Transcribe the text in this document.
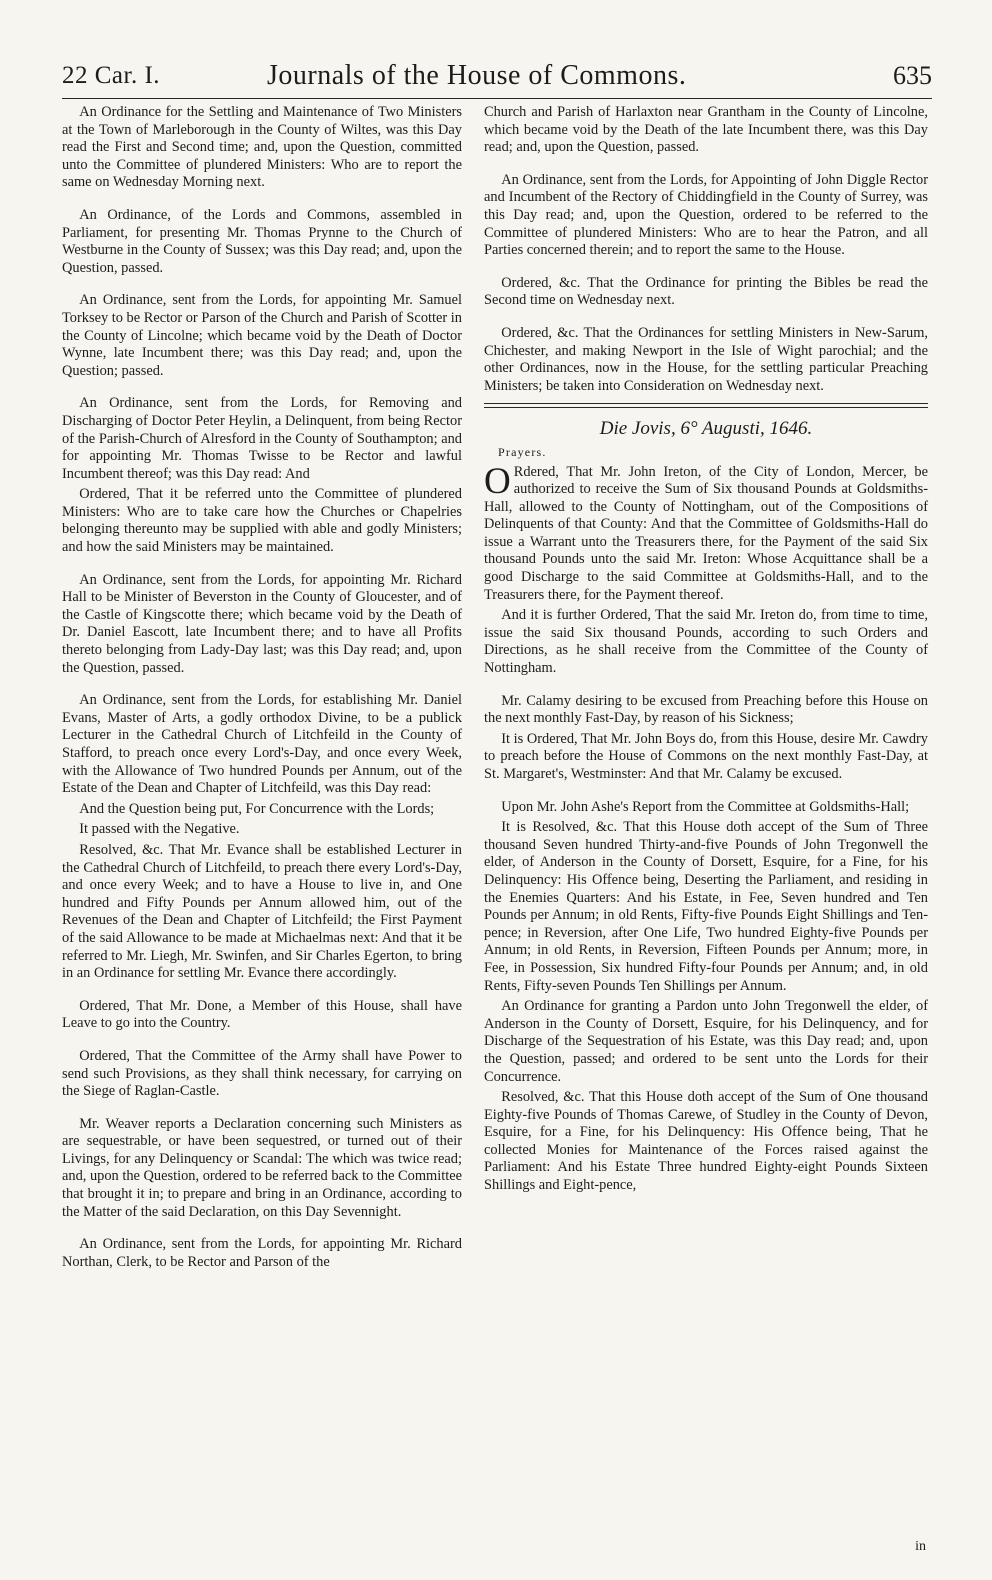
22 Car. I.	Journals of the House of Commons.	635

An Ordinance for the Settling and Maintenance of Two Ministers at the Town of Marleborough in the County of Wiltes, was this Day read the First and Second time; and, upon the Question, committed unto the Committee of plundered Ministers: Who are to report the same on Wednesday Morning next.

An Ordinance, of the Lords and Commons, assembled in Parliament, for presenting Mr. Thomas Prynne to the Church of Westburne in the County of Sussex; was this Day read; and, upon the Question, passed.

An Ordinance, sent from the Lords, for appointing Mr. Samuel Torksey to be Rector or Parson of the Church and Parish of Scotter in the County of Lincolne; which became void by the Death of Doctor Wynne, late Incumbent there; was this Day read; and, upon the Question; passed.

An Ordinance, sent from the Lords, for Removing and Discharging of Doctor Peter Heylin, a Delinquent, from being Rector of the Parish-Church of Alresford in the County of Southampton; and for appointing Mr. Thomas Twisse to be Rector and lawful Incumbent thereof; was this Day read: And

Ordered, That it be referred unto the Committee of plundered Ministers: Who are to take care how the Churches or Chapelries belonging thereunto may be supplied with able and godly Ministers; and how the said Ministers may be maintained.

An Ordinance, sent from the Lords, for appointing Mr. Richard Hall to be Minister of Beverston in the County of Gloucester, and of the Castle of Kingscotte there; which became void by the Death of Dr. Daniel Eascott, late Incumbent there; and to have all Profits thereto belonging from Lady-Day last; was this Day read; and, upon the Question, passed.

An Ordinance, sent from the Lords, for establishing Mr. Daniel Evans, Master of Arts, a godly orthodox Divine, to be a publick Lecturer in the Cathedral Church of Litchfeild in the County of Stafford, to preach once every Lord's-Day, and once every Week, with the Allowance of Two hundred Pounds per Annum, out of the Estate of the Dean and Chapter of Litchfeild, was this Day read:

And the Question being put, For Concurrence with the Lords;

It passed with the Negative.

Resolved, &c. That Mr. Evance shall be established Lecturer in the Cathedral Church of Litchfeild, to preach there every Lord's-Day, and once every Week; and to have a House to live in, and One hundred and Fifty Pounds per Annum allowed him, out of the Revenues of the Dean and Chapter of Litchfeild; the First Payment of the said Allowance to be made at Michaelmas next: And that it be referred to Mr. Liegh, Mr. Swinfen, and Sir Charles Egerton, to bring in an Ordinance for settling Mr. Evance there accordingly.

Ordered, That Mr. Done, a Member of this House, shall have Leave to go into the Country.

Ordered, That the Committee of the Army shall have Power to send such Provisions, as they shall think necessary, for carrying on the Siege of Raglan-Castle.

Mr. Weaver reports a Declaration concerning such Ministers as are sequestrable, or have been sequestred, or turned out of their Livings, for any Delinquency or Scandal: The which was twice read; and, upon the Question, ordered to be referred back to the Committee that brought it in; to prepare and bring in an Ordinance, according to the Matter of the said Declaration, on this Day Sevennight.

An Ordinance, sent from the Lords, for appointing Mr. Richard Northan, Clerk, to be Rector and Parson of the

Church and Parish of Harlaxton near Grantham in the County of Lincolne, which became void by the Death of the late Incumbent there, was this Day read; and, upon the Question, passed.

An Ordinance, sent from the Lords, for Appointing of John Diggle Rector and Incumbent of the Rectory of Chiddingfield in the County of Surrey, was this Day read; and, upon the Question, ordered to be referred to the Committee of plundered Ministers: Who are to hear the Patron, and all Parties concerned therein; and to report the same to the House.

Ordered, &c. That the Ordinance for printing the Bibles be read the Second time on Wednesday next.

Ordered, &c. That the Ordinances for settling Ministers in New-Sarum, Chichester, and making Newport in the Isle of Wight parochial; and the other Ordinances, now in the House, for the settling particular Preaching Ministers; be taken into Consideration on Wednesday next.

Die Jovis, 6° Augusti, 1646.
Prayers.

O Rdered, That Mr. John Ireton, of the City of London, Mercer, be authorized to receive the Sum of Six thousand Pounds at Goldsmiths-Hall, allowed to the County of Nottingham, out of the Compositions of Delinquents of that County: And that the Committee of Goldsmiths-Hall do issue a Warrant unto the Treasurers there, for the Payment of the said Six thousand Pounds unto the said Mr. Ireton: Whose Acquittance shall be a good Discharge to the said Committee at Goldsmiths-Hall, and to the Treasurers there, for the Payment thereof.

And it is further Ordered, That the said Mr. Ireton do, from time to time, issue the said Six thousand Pounds, according to such Orders and Directions, as he shall receive from the Committee of the County of Nottingham.

Mr. Calamy desiring to be excused from Preaching before this House on the next monthly Fast-Day, by reason of his Sickness;

It is Ordered, That Mr. John Boys do, from this House, desire Mr. Cawdry to preach before the House of Commons on the next monthly Fast-Day, at St. Margaret's, Westminster: And that Mr. Calamy be excused.

Upon Mr. John Ashe's Report from the Committee at Goldsmiths-Hall;

It is Resolved, &c. That this House doth accept of the Sum of Three thousand Seven hundred Thirty-and-five Pounds of John Tregonwell the elder, of Anderson in the County of Dorsett, Esquire, for a Fine, for his Delinquency: His Offence being, Deserting the Parliament, and residing in the Enemies Quarters: And his Estate, in Fee, Seven hundred and Ten Pounds per Annum; in old Rents, Fifty-five Pounds Eight Shillings and Ten-pence; in Reversion, after One Life, Two hundred Eighty-five Pounds per Annum; in old Rents, in Reversion, Fifteen Pounds per Annum; more, in Fee, in Possession, Six hundred Fifty-four Pounds per Annum; and, in old Rents, Fifty-seven Pounds Ten Shillings per Annum.

An Ordinance for granting a Pardon unto John Tregonwell the elder, of Anderson in the County of Dorsett, Esquire, for his Delinquency, and for Discharge of the Sequestration of his Estate, was this Day read; and, upon the Question, passed; and ordered to be sent unto the Lords for their Concurrence.

Resolved, &c. That this House doth accept of the Sum of One thousand Eighty-five Pounds of Thomas Carewe, of Studley in the County of Devon, Esquire, for a Fine, for his Delinquency: His Offence being, That he collected Monies for Maintenance of the Forces raised against the Parliament: And his Estate Three hundred Eighty-eight Pounds Sixteen Shillings and Eight-pence,

in
